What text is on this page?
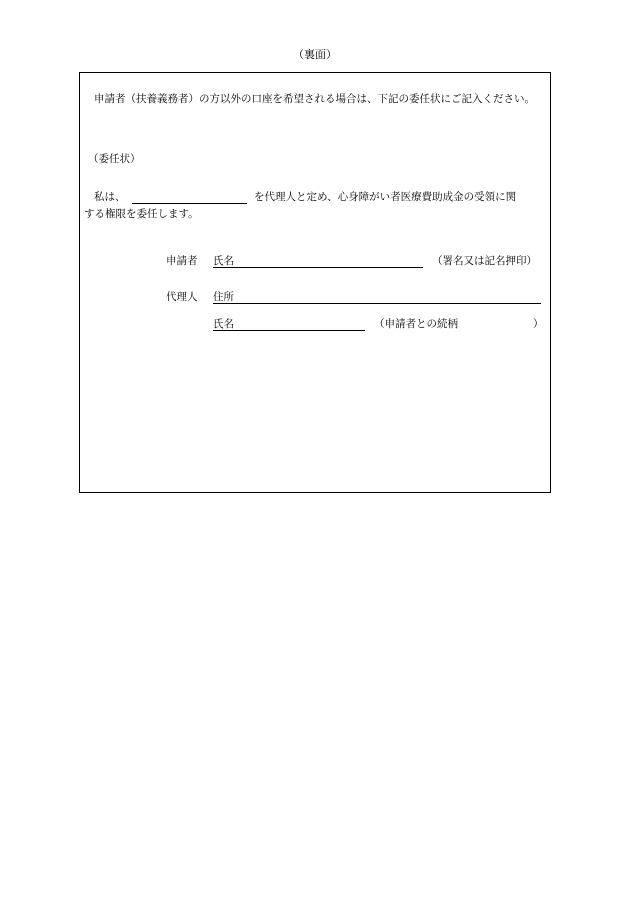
（裏面）
申請者（扶養義務者）の方以外の口座を希望される場合は、下記の委任状にご記入ください。
（委任状）
私は、	を代理人と定め、心身障がい者医療費助成金の受領に関
する権限を委任します。
申請者 氏名	（署名又は記名押印）
代理人 住所
氏名	（申請者との続柄	）
